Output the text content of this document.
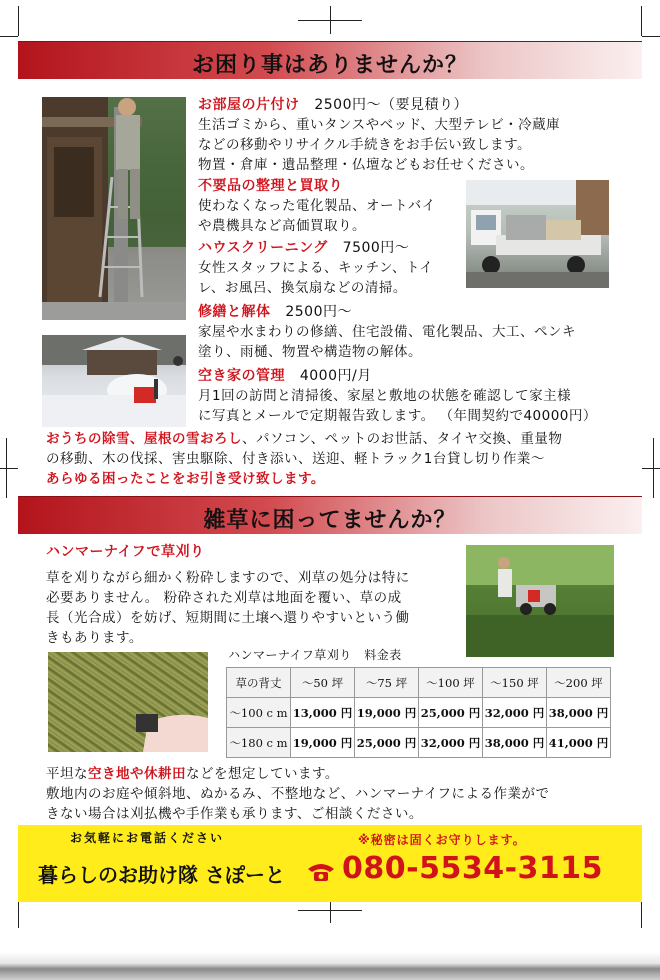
お困り事はありませんか？
お部屋の片付け 2500円〜（要見積り）
生活ゴミから、重いタンスやベッド、大型テレビ・冷蔵庫
などの移動やリサイクル手続きをお手伝い致します。
物置・倉庫・遺品整理・仏壇などもお任せください。
不要品の整理と買取り
使わなくなった電化製品、オートバイ
や農機具など高価買取り。
ハウスクリーニング 7500円〜
女性スタッフによる、キッチン、トイ
レ、お風呂、換気扇などの清掃。
修繕と解体 2500円〜
家屋や水まわりの修繕、住宅設備、電化製品、大工、ペンキ
塗り、雨樋、物置や構造物の解体。
空き家の管理 4000円/月
月1回の訪問と清掃後、家屋と敷地の状態を確認して家主様
に写真とメールで定期報告致します。 （年間契約で40000円）
おうちの除雪、屋根の雪おろし、パソコン、ペットのお世話、タイヤ交換、重量物
の移動、木の伐採、害虫駆除、付き添い、送迎、軽トラック1台貸し切り作業〜
あらゆる困ったことをお引き受け致します。
雑草に困ってませんか？
ハンマーナイフで草刈り
草を刈りながら細かく粉砕しますので、刈草の処分は特に
必要ありません。 粉砕された刈草は地面を覆い、草の成
長（光合成）を妨げ、短期間に土壌へ還りやすいという働
きもあります。
ハンマーナイフ草刈り　料金表
草の背丈	〜50 坪	〜75 坪	〜100 坪	〜150 坪	〜200 坪
〜100 c m	13,000 円	19,000 円	25,000 円	32,000 円	38,000 円
〜180 c m	19,000 円	25,000 円	32,000 円	38,000 円	41,000 円
平坦な空き地や休耕田などを想定しています。
敷地内のお庭や傾斜地、ぬかるみ、不整地など、ハンマーナイフによる作業がで
きない場合は刈払機や手作業も承ります、ご相談ください。
お気軽にお電話ください	※秘密は固くお守りします。
暮らしのお助け隊 さぽーと 080-5534-3115
